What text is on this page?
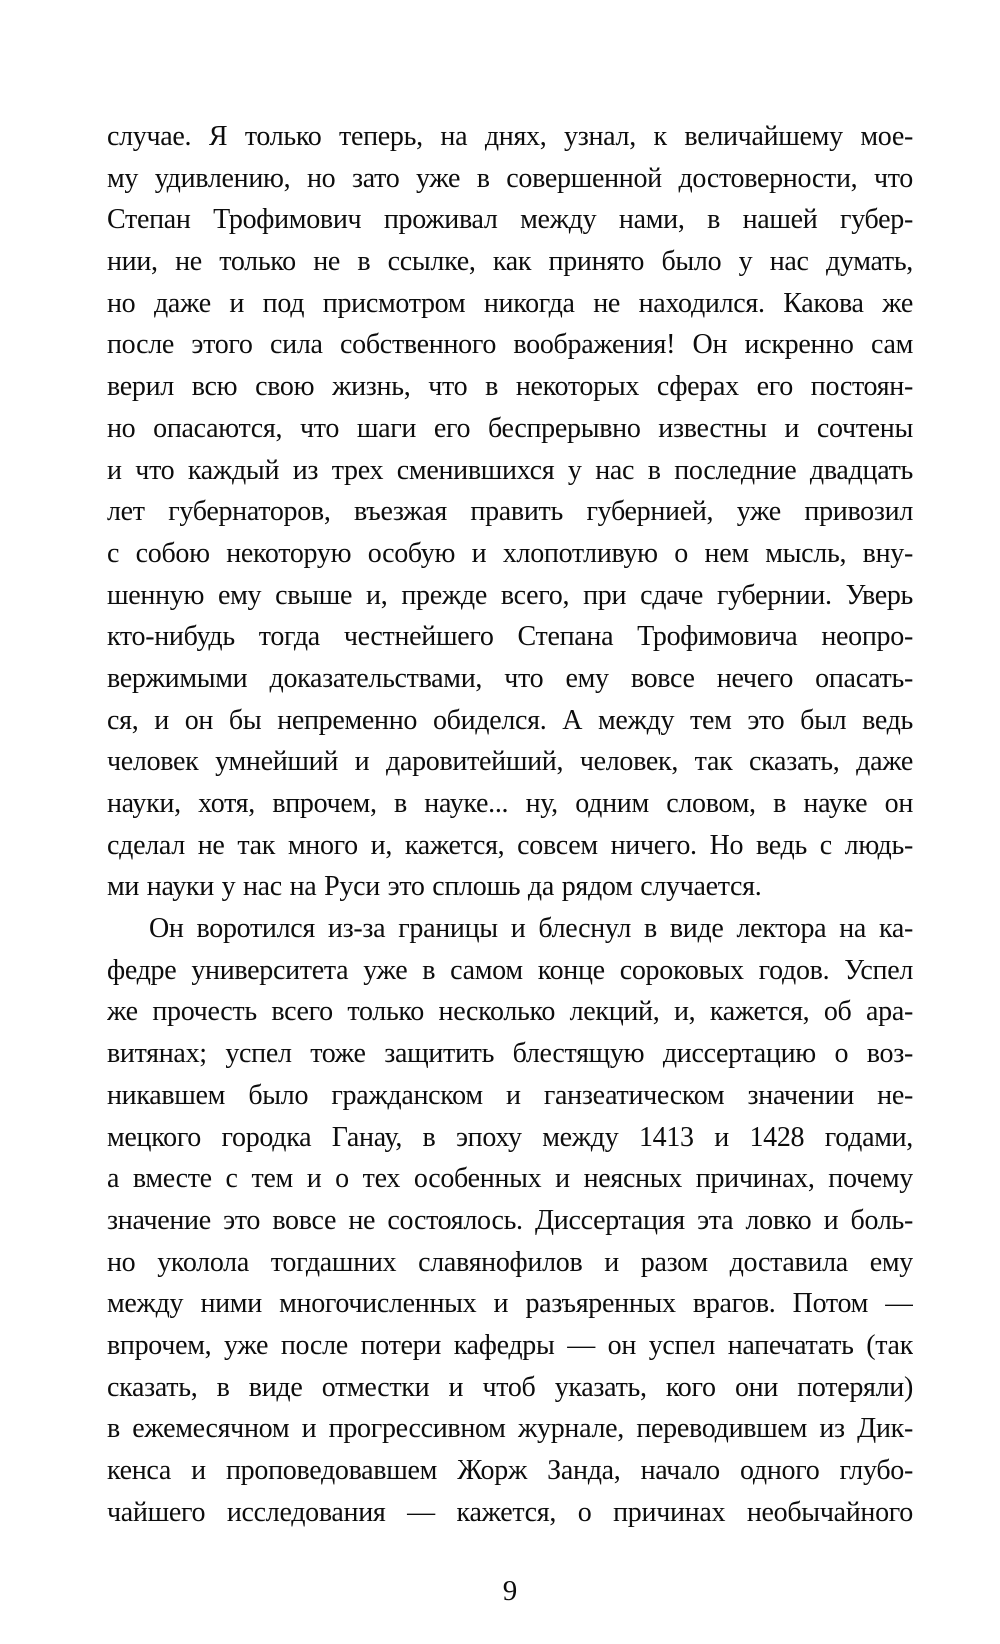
случае. Я только теперь, на днях, узнал, к величайшему мое-
му удивлению, но зато уже в совершенной достоверности, что
Степан Трофимович проживал между нами, в нашей губер-
нии, не только не в ссылке, как принято было у нас думать,
но даже и под присмотром никогда не находился. Какова же
после этого сила собственного воображения! Он искренно сам
верил всю свою жизнь, что в некоторых сферах его постоян-
но опасаются, что шаги его беспрерывно известны и сочтены
и что каждый из трех сменившихся у нас в последние двадцать
лет губернаторов, въезжая править губернией, уже привозил
с собою некоторую особую и хлопотливую о нем мысль, вну-
шенную ему свыше и, прежде всего, при сдаче губернии. Уверь
кто-нибудь тогда честнейшего Степана Трофимовича неопро-
вержимыми доказательствами, что ему вовсе нечего опасать-
ся, и он бы непременно обиделся. А между тем это был ведь
человек умнейший и даровитейший, человек, так сказать, даже
науки, хотя, впрочем, в науке... ну, одним словом, в науке он
сделал не так много и, кажется, совсем ничего. Но ведь с людь-
ми науки у нас на Руси это сплошь да рядом случается.
Он воротился из-за границы и блеснул в виде лектора на ка-
федре университета уже в самом конце сороковых годов. Успел
же прочесть всего только несколько лекций, и, кажется, об ара-
витянах; успел тоже защитить блестящую диссертацию о воз-
никавшем было гражданском и ганзеатическом значении не-
мецкого городка Ганау, в эпоху между 1413 и 1428 годами,
а вместе с тем и о тех особенных и неясных причинах, почему
значение это вовсе не состоялось. Диссертация эта ловко и боль-
но уколола тогдашних славянофилов и разом доставила ему
между ними многочисленных и разъяренных врагов. Потом —
впрочем, уже после потери кафедры — он успел напечатать (так
сказать, в виде отместки и чтоб указать, кого они потеряли)
в ежемесячном и прогрессивном журнале, переводившем из Дик-
кенса и проповедовавшем Жорж Занда, начало одного глубо-
чайшего исследования — кажется, о причинах необычайного
9
